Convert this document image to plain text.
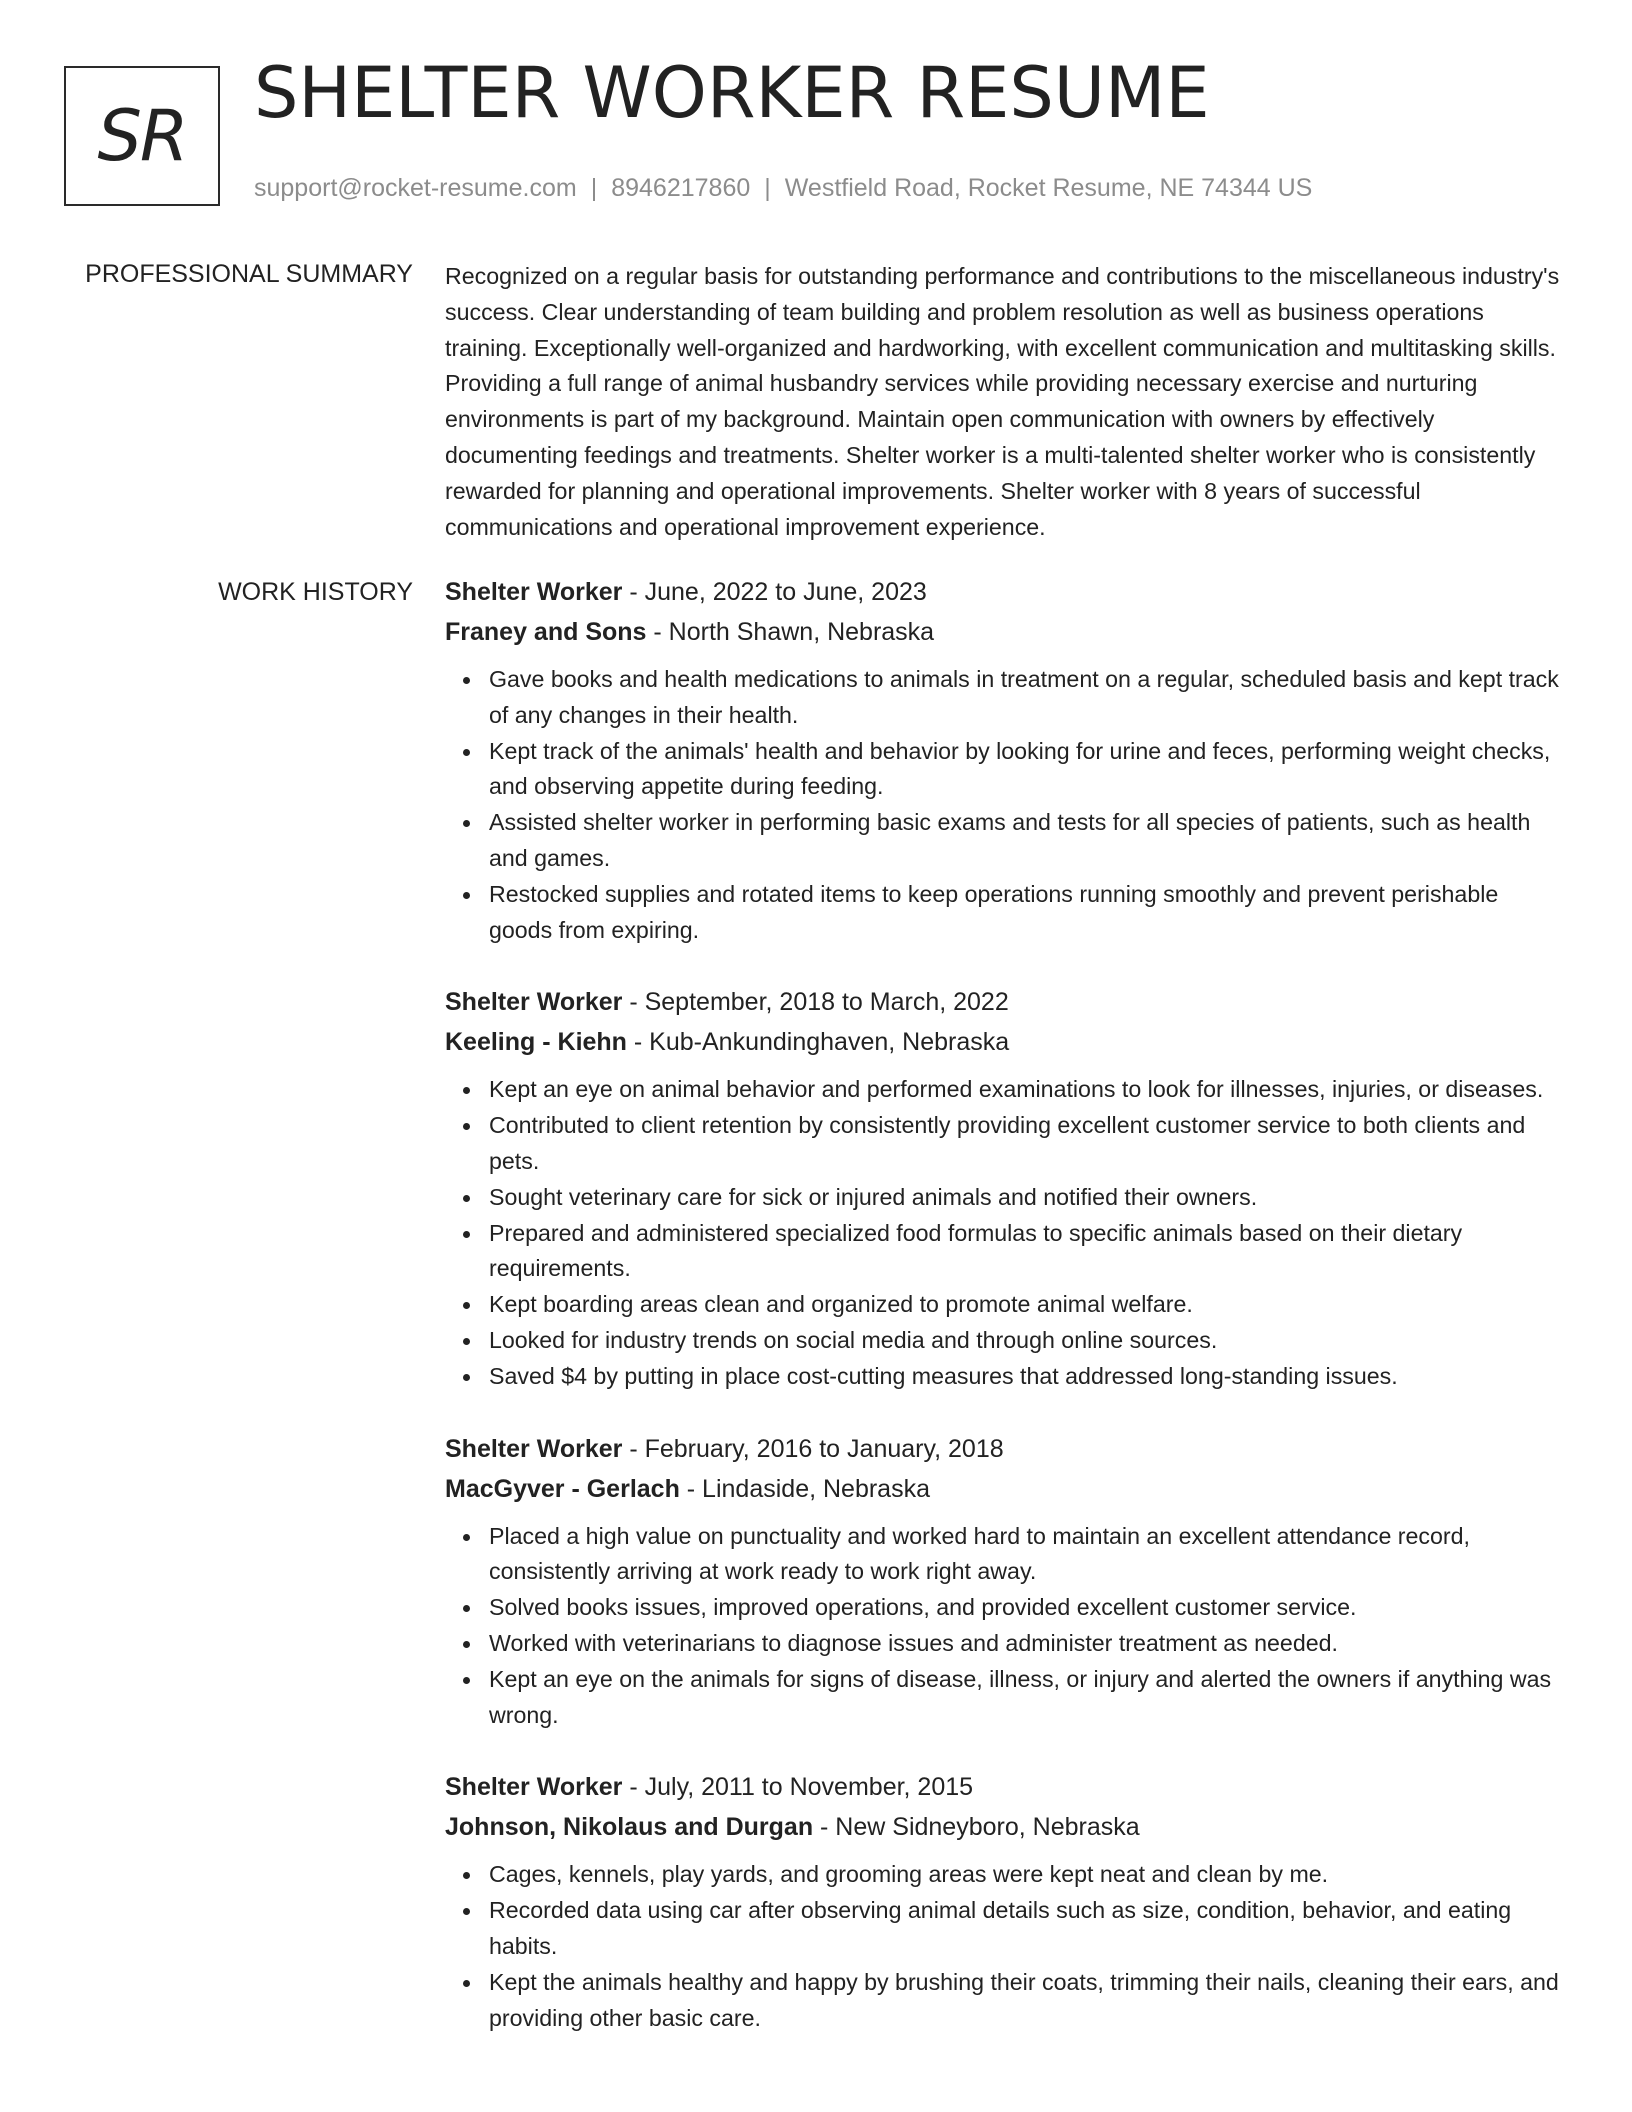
SR
SHELTER WORKER RESUME
support@rocket-resume.com | 8946217860 | Westfield Road, Rocket Resume, NE 74344 US
PROFESSIONAL SUMMARY Recognized on a regular basis for outstanding performance and contributions to the miscellaneous industry's success. Clear understanding of team building and problem resolution as well as business operations training. Exceptionally well-organized and hardworking, with excellent communication and multitasking skills. Providing a full range of animal husbandry services while providing necessary exercise and nurturing environments is part of my background. Maintain open communication with owners by effectively documenting feedings and treatments. Shelter worker is a multi-talented shelter worker who is consistently rewarded for planning and operational improvements. Shelter worker with 8 years of successful communications and operational improvement experience.

WORK HISTORY Shelter Worker - June, 2022 to June, 2023
Franey and Sons - North Shawn, Nebraska
Gave books and health medications to animals in treatment on a regular, scheduled basis and kept track of any changes in their health.
Kept track of the animals' health and behavior by looking for urine and feces, performing weight checks, and observing appetite during feeding.
Assisted shelter worker in performing basic exams and tests for all species of patients, such as health and games.
Restocked supplies and rotated items to keep operations running smoothly and prevent perishable goods from expiring.
Shelter Worker - September, 2018 to March, 2022
Keeling - Kiehn - Kub-Ankundinghaven, Nebraska
Kept an eye on animal behavior and performed examinations to look for illnesses, injuries, or diseases.
Contributed to client retention by consistently providing excellent customer service to both clients and pets.
Sought veterinary care for sick or injured animals and notified their owners.
Prepared and administered specialized food formulas to specific animals based on their dietary requirements.
Kept boarding areas clean and organized to promote animal welfare.
Looked for industry trends on social media and through online sources.
Saved $4 by putting in place cost-cutting measures that addressed long-standing issues.
Shelter Worker - February, 2016 to January, 2018
MacGyver - Gerlach - Lindaside, Nebraska
Placed a high value on punctuality and worked hard to maintain an excellent attendance record, consistently arriving at work ready to work right away.
Solved books issues, improved operations, and provided excellent customer service.
Worked with veterinarians to diagnose issues and administer treatment as needed.
Kept an eye on the animals for signs of disease, illness, or injury and alerted the owners if anything was wrong.
Shelter Worker - July, 2011 to November, 2015
Johnson, Nikolaus and Durgan - New Sidneyboro, Nebraska
Cages, kennels, play yards, and grooming areas were kept neat and clean by me.
Recorded data using car after observing animal details such as size, condition, behavior, and eating habits.
Kept the animals healthy and happy by brushing their coats, trimming their nails, cleaning their ears, and providing other basic care.
